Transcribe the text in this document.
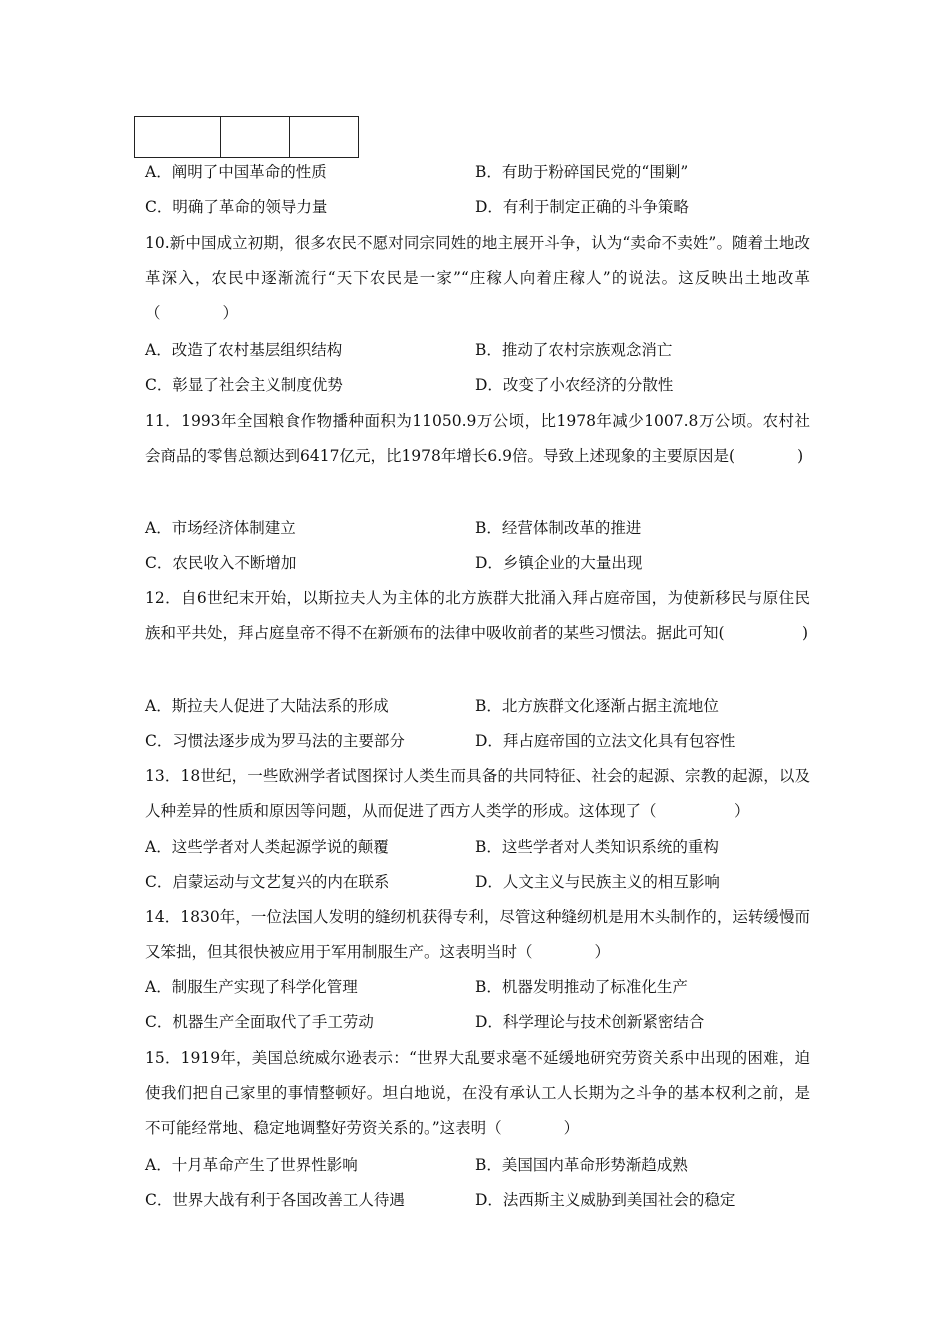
A．阐明了中国革命的性质	B．有助于粉碎国民党的“围剿”
C．明确了革命的领导力量	D．有利于制定正确的斗争策略
10.新中国成立初期，很多农民不愿对同宗同姓的地主展开斗争，认为“卖命不卖姓”。随着土地改革深入，农民中逐渐流行“天下农民是一家”“庄稼人向着庄稼人”的说法。这反映出土地改革（　　　　）
A．改造了农村基层组织结构	B．推动了农村宗族观念消亡
C．彰显了社会主义制度优势	D．改变了小农经济的分散性
11．1993年全国粮食作物播种面积为11050.9万公顷，比1978年减少1007.8万公顷。农村社会商品的零售总额达到6417亿元，比1978年增长6.9倍。导致上述现象的主要原因是(　　　　)
A．市场经济体制建立	B．经营体制改革的推进
C．农民收入不断增加	D．乡镇企业的大量出现
12．自6世纪末开始，以斯拉夫人为主体的北方族群大批涌入拜占庭帝国，为使新移民与原住民族和平共处，拜占庭皇帝不得不在新颁布的法律中吸收前者的某些习惯法。据此可知(　　　　　)
A．斯拉夫人促进了大陆法系的形成	B．北方族群文化逐渐占据主流地位
C．习惯法逐步成为罗马法的主要部分	D．拜占庭帝国的立法文化具有包容性
13．18世纪，一些欧洲学者试图探讨人类生而具备的共同特征、社会的起源、宗教的起源，以及人种差异的性质和原因等问题，从而促进了西方人类学的形成。这体现了（　　　　　）
A．这些学者对人类起源学说的颠覆	B．这些学者对人类知识系统的重构
C．启蒙运动与文艺复兴的内在联系	D．人文主义与民族主义的相互影响
14．1830年，一位法国人发明的缝纫机获得专利，尽管这种缝纫机是用木头制作的，运转缓慢而又笨拙，但其很快被应用于军用制服生产。这表明当时（　　　　）
A．制服生产实现了科学化管理	B．机器发明推动了标准化生产
C．机器生产全面取代了手工劳动	D．科学理论与技术创新紧密结合
15．1919年，美国总统威尔逊表示：“世界大乱要求毫不延缓地研究劳资关系中出现的困难，迫使我们把自己家里的事情整顿好。坦白地说，在没有承认工人长期为之斗争的基本权利之前，是不可能经常地、稳定地调整好劳资关系的。”这表明（　　　　）
A．十月革命产生了世界性影响	B．美国国内革命形势渐趋成熟
C．世界大战有利于各国改善工人待遇	D．法西斯主义威胁到美国社会的稳定
